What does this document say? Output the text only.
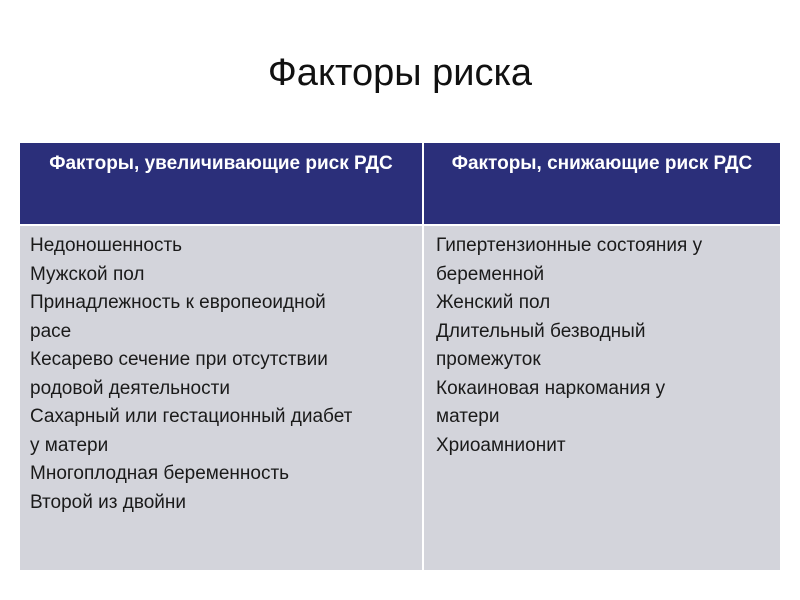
Факторы риска
Факторы, увеличивающие риск РДС	Факторы, снижающие риск РДС
Недоношенность
Мужской пол
Принадлежность к европеоидной
расе
Кесарево сечение при отсутствии
родовой деятельности
Сахарный или гестационный диабет
у матери
Многоплодная беременность
Второй из двойни
Гипертензионные состояния у
беременной
Женский пол
Длительный безводный
промежуток
Кокаиновая наркомания у
матери
Хриоамнионит
